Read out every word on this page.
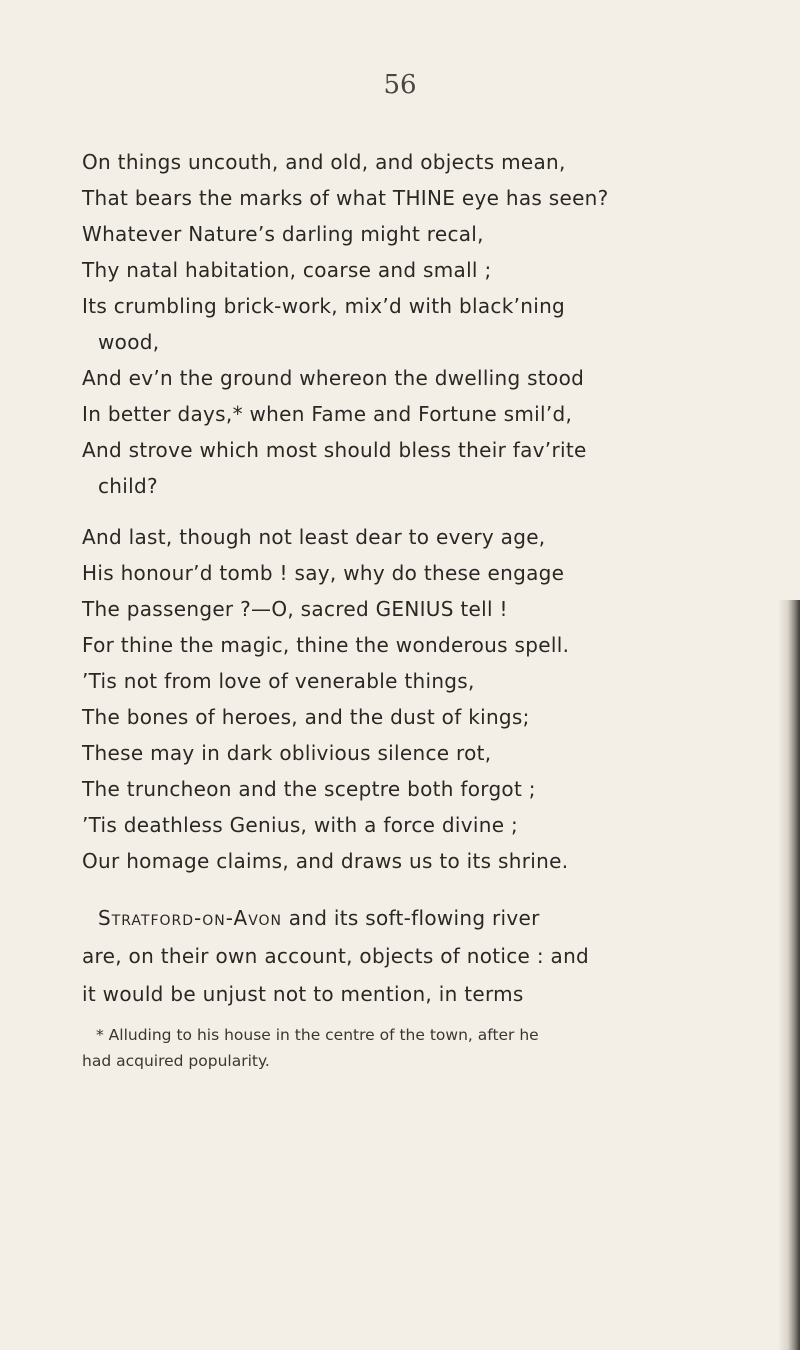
56
On things uncouth, and old, and objects mean,
That bears the marks of what THINE eye has seen?
Whatever Nature’s darling might recal,
Thy natal habitation, coarse and small ;
Its crumbling brick-work, mix’d with black’ning
wood,
And ev’n the ground whereon the dwelling stood
In better days,* when Fame and Fortune smil’d,
And strove which most should bless their fav’rite
child?
And last, though not least dear to every age,
His honour’d tomb ! say, why do these engage
The passenger ?—O, sacred GENIUS tell !
For thine the magic, thine the wonderous spell.
’Tis not from love of venerable things,
The bones of heroes, and the dust of kings;
These may in dark oblivious silence rot,
The truncheon and the sceptre both forgot ;
’Tis deathless Genius, with a force divine ;
Our homage claims, and draws us to its shrine.
Stratford-on-Avon and its soft-flowing river
are, on their own account, objects of notice : and
it would be unjust not to mention, in terms
* Alluding to his house in the centre of the town, after he
had acquired popularity.
